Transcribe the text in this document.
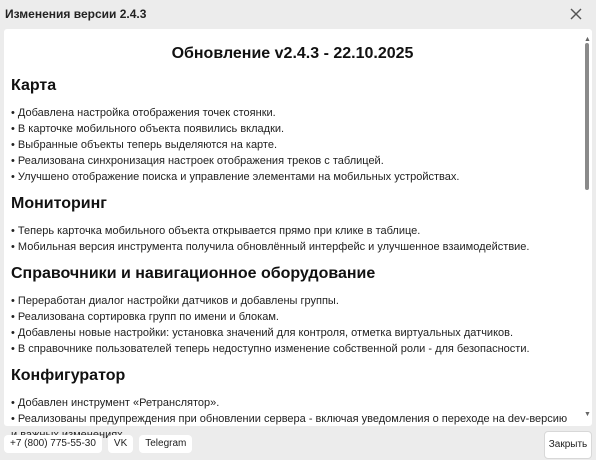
Изменения версии 2.4.3
Обновление v2.4.3 - 22.10.2025
Карта
• Добавлена настройка отображения точек стоянки.
• В карточке мобильного объекта появились вкладки.
• Выбранные объекты теперь выделяются на карте.
• Реализована синхронизация настроек отображения треков с таблицей.
• Улучшено отображение поиска и управление элементами на мобильных устройствах.
Мониторинг
• Теперь карточка мобильного объекта открывается прямо при клике в таблице.
• Мобильная версия инструмента получила обновлённый интерфейс и улучшенное взаимодействие.
Справочники и навигационное оборудование
• Переработан диалог настройки датчиков и добавлены группы.
• Реализована сортировка групп по имени и блокам.
• Добавлены новые настройки: установка значений для контроля, отметка виртуальных датчиков.
• В справочнике пользователей теперь недоступно изменение собственной роли - для безопасности.
Конфигуратор
• Добавлен инструмент «Ретранслятор».
• Реализованы предупреждения при обновлении сервера - включая уведомления о переходе на dev-версию
▲
▼
+7 (800) 775-55-30	VK	Telegram	Закрыть
